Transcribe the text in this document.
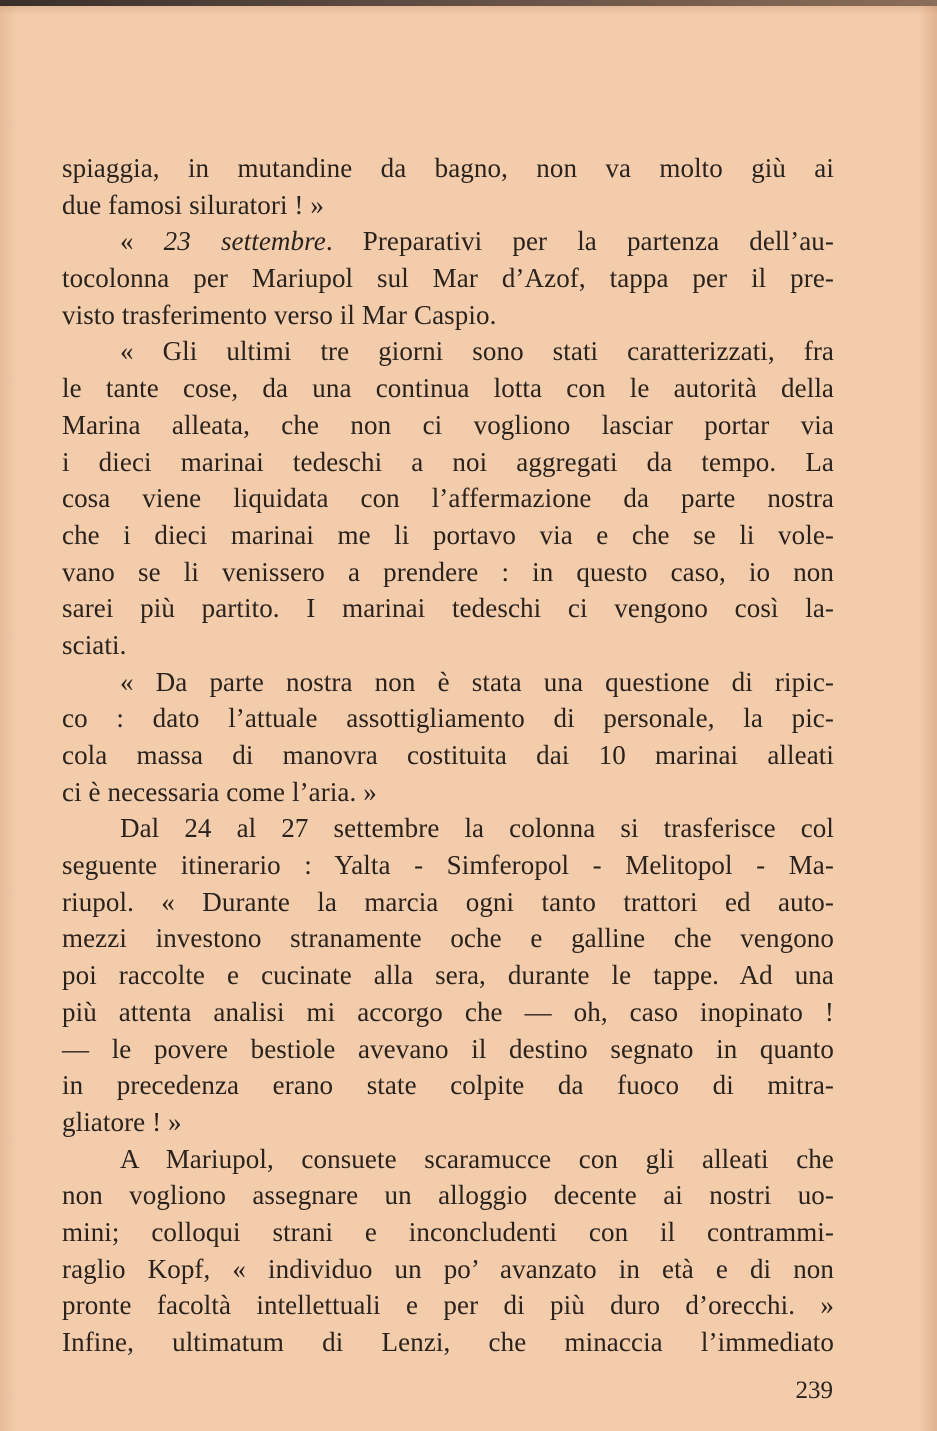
spiaggia, in mutandine da bagno, non va molto giù ai
due famosi siluratori ! »
« 23 settembre. Preparativi per la partenza dell’au-
tocolonna per Mariupol sul Mar d’Azof, tappa per il pre-
visto trasferimento verso il Mar Caspio.
« Gli ultimi tre giorni sono stati caratterizzati, fra
le tante cose, da una continua lotta con le autorità della
Marina alleata, che non ci vogliono lasciar portar via
i dieci marinai tedeschi a noi aggregati da tempo. La
cosa viene liquidata con l’affermazione da parte nostra
che i dieci marinai me li portavo via e che se li vole-
vano se li venissero a prendere : in questo caso, io non
sarei più partito. I marinai tedeschi ci vengono così la-
sciati.
« Da parte nostra non è stata una questione di ripic-
co : dato l’attuale assottigliamento di personale, la pic-
cola massa di manovra costituita dai 10 marinai alleati
ci è necessaria come l’aria. »
Dal 24 al 27 settembre la colonna si trasferisce col
seguente itinerario : Yalta - Simferopol - Melitopol - Ma-
riupol. « Durante la marcia ogni tanto trattori ed auto-
mezzi investono stranamente oche e galline che vengono
poi raccolte e cucinate alla sera, durante le tappe. Ad una
più attenta analisi mi accorgo che — oh, caso inopinato !
— le povere bestiole avevano il destino segnato in quanto
in precedenza erano state colpite da fuoco di mitra-
gliatore ! »
A Mariupol, consuete scaramucce con gli alleati che
non vogliono assegnare un alloggio decente ai nostri uo-
mini; colloqui strani e inconcludenti con il contrammi-
raglio Kopf, « individuo un po’ avanzato in età e di non
pronte facoltà intellettuali e per di più duro d’orecchi. »
Infine, ultimatum di Lenzi, che minaccia l’immediato
239
